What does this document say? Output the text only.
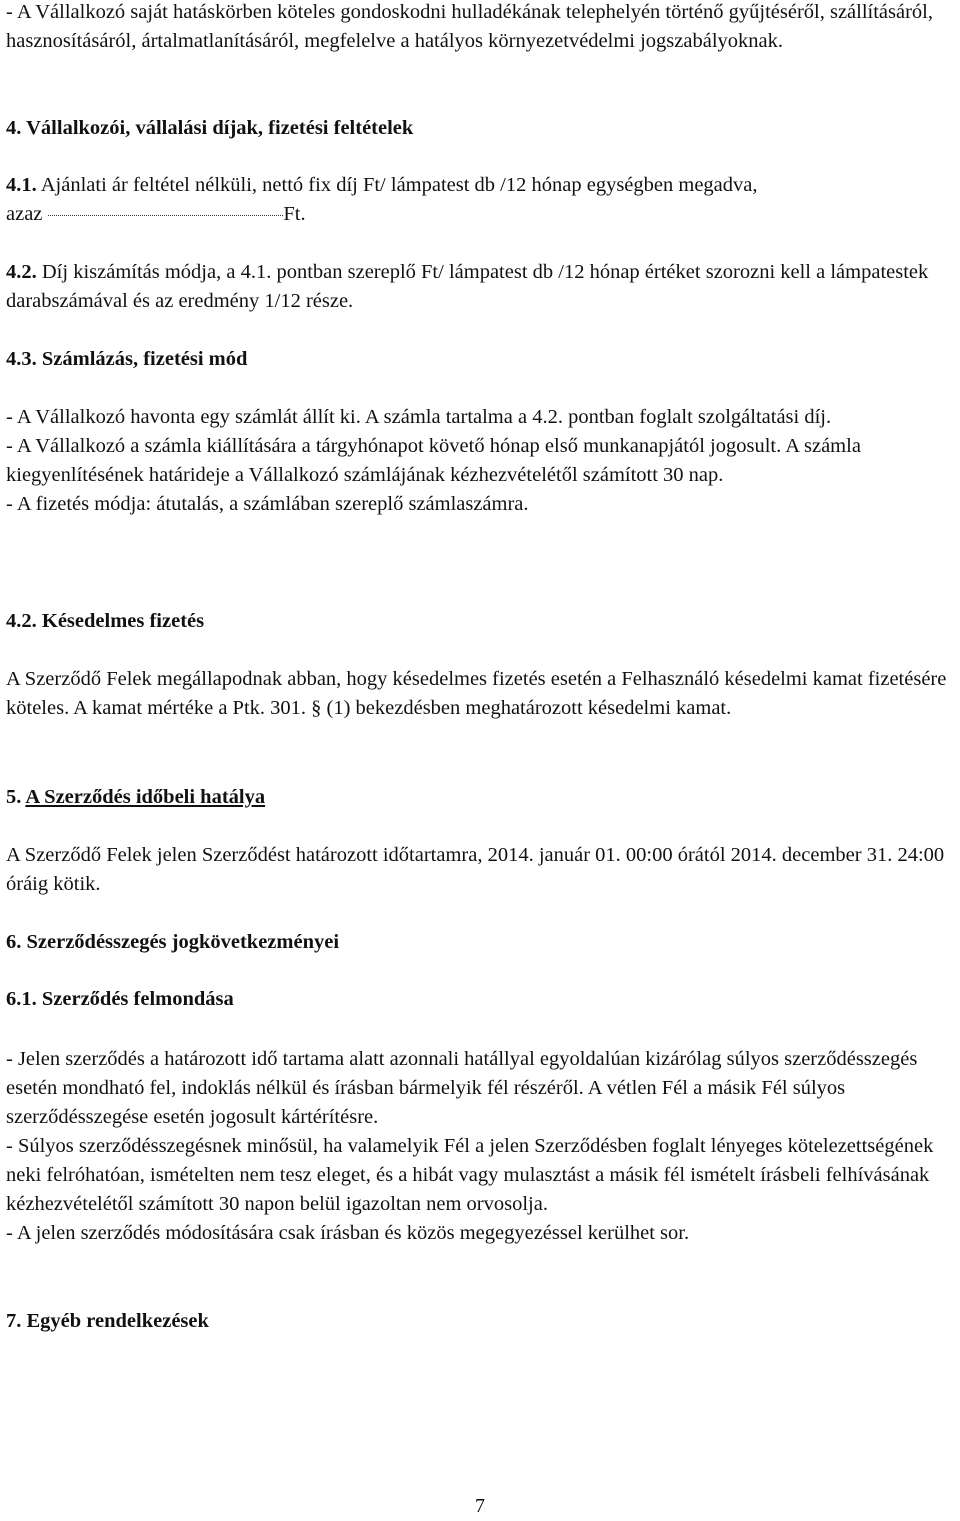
- A Vállalkozó saját hatáskörben köteles gondoskodni hulladékának telephelyén történő gyűjtéséről, szállításáról, hasznosításáról, ártalmatlanításáról, megfelelve a hatályos környezetvédelmi jogszabályoknak.

4. Vállalkozói, vállalási díjak, fizetési feltételek

4.1. Ajánlati ár feltétel nélküli, nettó fix díj Ft/ lámpatest db /12 hónap egységben megadva,

azaz	Ft.

4.2. Díj kiszámítás módja, a 4.1. pontban szereplő Ft/ lámpatest db /12 hónap értéket szorozni kell a lámpatestek darabszámával és az eredmény 1/12 része.

4.3. Számlázás, fizetési mód

- A Vállalkozó havonta egy számlát állít ki. A számla tartalma a 4.2. pontban foglalt szolgáltatási díj.

- A Vállalkozó a számla kiállítására a tárgyhónapot követő hónap első munkanapjától jogosult. A számla kiegyenlítésének határideje a Vállalkozó számlájának kézhezvételétől számított 30 nap.

- A fizetés módja: átutalás, a számlában szereplő számlaszámra.

4.2. Késedelmes fizetés

A Szerződő Felek megállapodnak abban, hogy késedelmes fizetés esetén a Felhasználó késedelmi kamat fizetésére köteles. A kamat mértéke a Ptk. 301. § (1) bekezdésben meghatározott késedelmi kamat.

5. A Szerződés időbeli hatálya

A Szerződő Felek jelen Szerződést határozott időtartamra, 2014. január 01. 00:00 órától 2014. december 31. 24:00 óráig kötik.

6. Szerződésszegés jogkövetkezményei

6.1. Szerződés felmondása

- Jelen szerződés a határozott idő tartama alatt azonnali hatállyal egyoldalúan kizárólag súlyos szerződésszegés esetén mondható fel, indoklás nélkül és írásban bármelyik fél részéről. A vétlen Fél a másik Fél súlyos szerződésszegése esetén jogosult kártérítésre.

- Súlyos szerződésszegésnek minősül, ha valamelyik Fél a jelen Szerződésben foglalt lényeges kötelezettségének neki felróhatóan, ismételten nem tesz eleget, és a hibát vagy mulasztást a másik fél ismételt írásbeli felhívásának kézhezvételétől számított 30 napon belül igazoltan nem orvosolja.

- A jelen szerződés módosítására csak írásban és közös megegyezéssel kerülhet sor.

7. Egyéb rendelkezések

7
